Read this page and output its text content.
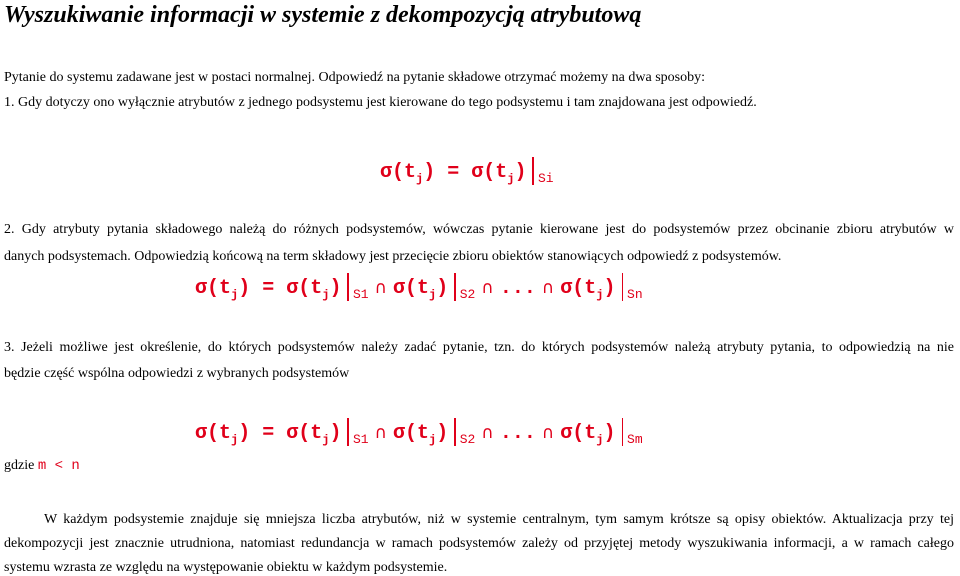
Wyszukiwanie informacji w systemie z dekompozycją atrybutową
Pytanie do systemu zadawane jest w postaci normalnej. Odpowiedź na pytanie składowe otrzymać możemy na dwa sposoby:
1. Gdy dotyczy ono wyłącznie atrybutów z jednego podsystemu jest kierowane do tego podsystemu i tam znajdowana jest odpowiedź.
$\sigma(t_j) = \sigma(t_j)$ $_{Si}$
2. Gdy atrybuty pytania składowego należą do różnych podsystemów, wówczas pytanie kierowane jest do podsystemów przez obcinanie zbioru atrybutów w
danych podsystemach. Odpowiedzią końcową na term składowy jest przecięcie zbioru obiektów stanowiących odpowiedź z podsystemów.
$\sigma(t_j) = \sigma(t_j)$ $_{S1}$ ∩ $\sigma(t_j)$ $_{S2}$ ∩ ... ∩ $\sigma(t_j)$ $_{Sn}$
3. Jeżeli możliwe jest określenie, do których podsystemów należy zadać pytanie, tzn. do których podsystemów należą atrybuty pytania, to odpowiedzią na nie
będzie część wspólna odpowiedzi z wybranych podsystemów
$\sigma(t_j) = \sigma(t_j)$ $_{S1}$ ∩ $\sigma(t_j)$ $_{S2}$ ∩ ... ∩ $\sigma(t_j)$ $_{Sm}$
gdzie m < n
W każdym podsystemie znajduje się mniejsza liczba atrybutów, niż w systemie centralnym, tym samym krótsze są opisy obiektów. Aktualizacja przy tej
dekompozycji jest znacznie utrudniona, natomiast redundancja w ramach podsystemów zależy od przyjętej metody wyszukiwania informacji, a w ramach całego
systemu wzrasta ze względu na występowanie obiektu w każdym podsystemie.
